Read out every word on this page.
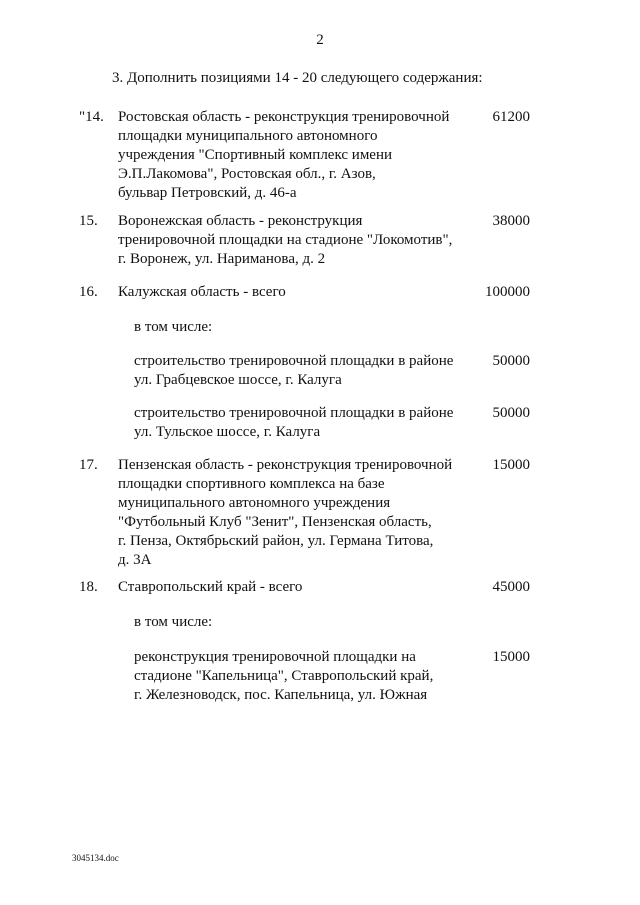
2
3. Дополнить позициями 14 - 20 следующего содержания:
"14. Ростовская область - реконструкция тренировочной
площадки муниципального автономного
учреждения "Спортивный комплекс имени
Э.П.Лакомова", Ростовская обл., г. Азов,
бульвар Петровский, д. 46-а
61200
15. Воронежская область - реконструкция
тренировочной площадки на стадионе "Локомотив",
г. Воронеж, ул. Нариманова, д. 2
38000
16. Калужская область - всего	100000
в том числе:
строительство тренировочной площадки в районе
ул. Грабцевское шоссе, г. Калуга
50000
строительство тренировочной площадки в районе
ул. Тульское шоссе, г. Калуга
50000
17. Пензенская область - реконструкция тренировочной
площадки спортивного комплекса на базе
муниципального автономного учреждения
"Футбольный Клуб "Зенит", Пензенская область,
г. Пенза, Октябрьский район, ул. Германа Титова,
д. 3А
15000
18. Ставропольский край - всего	45000
в том числе:
реконструкция тренировочной площадки на
стадионе "Капельница", Ставропольский край,
г. Железноводск, пос. Капельница, ул. Южная
15000
3045134.doc
